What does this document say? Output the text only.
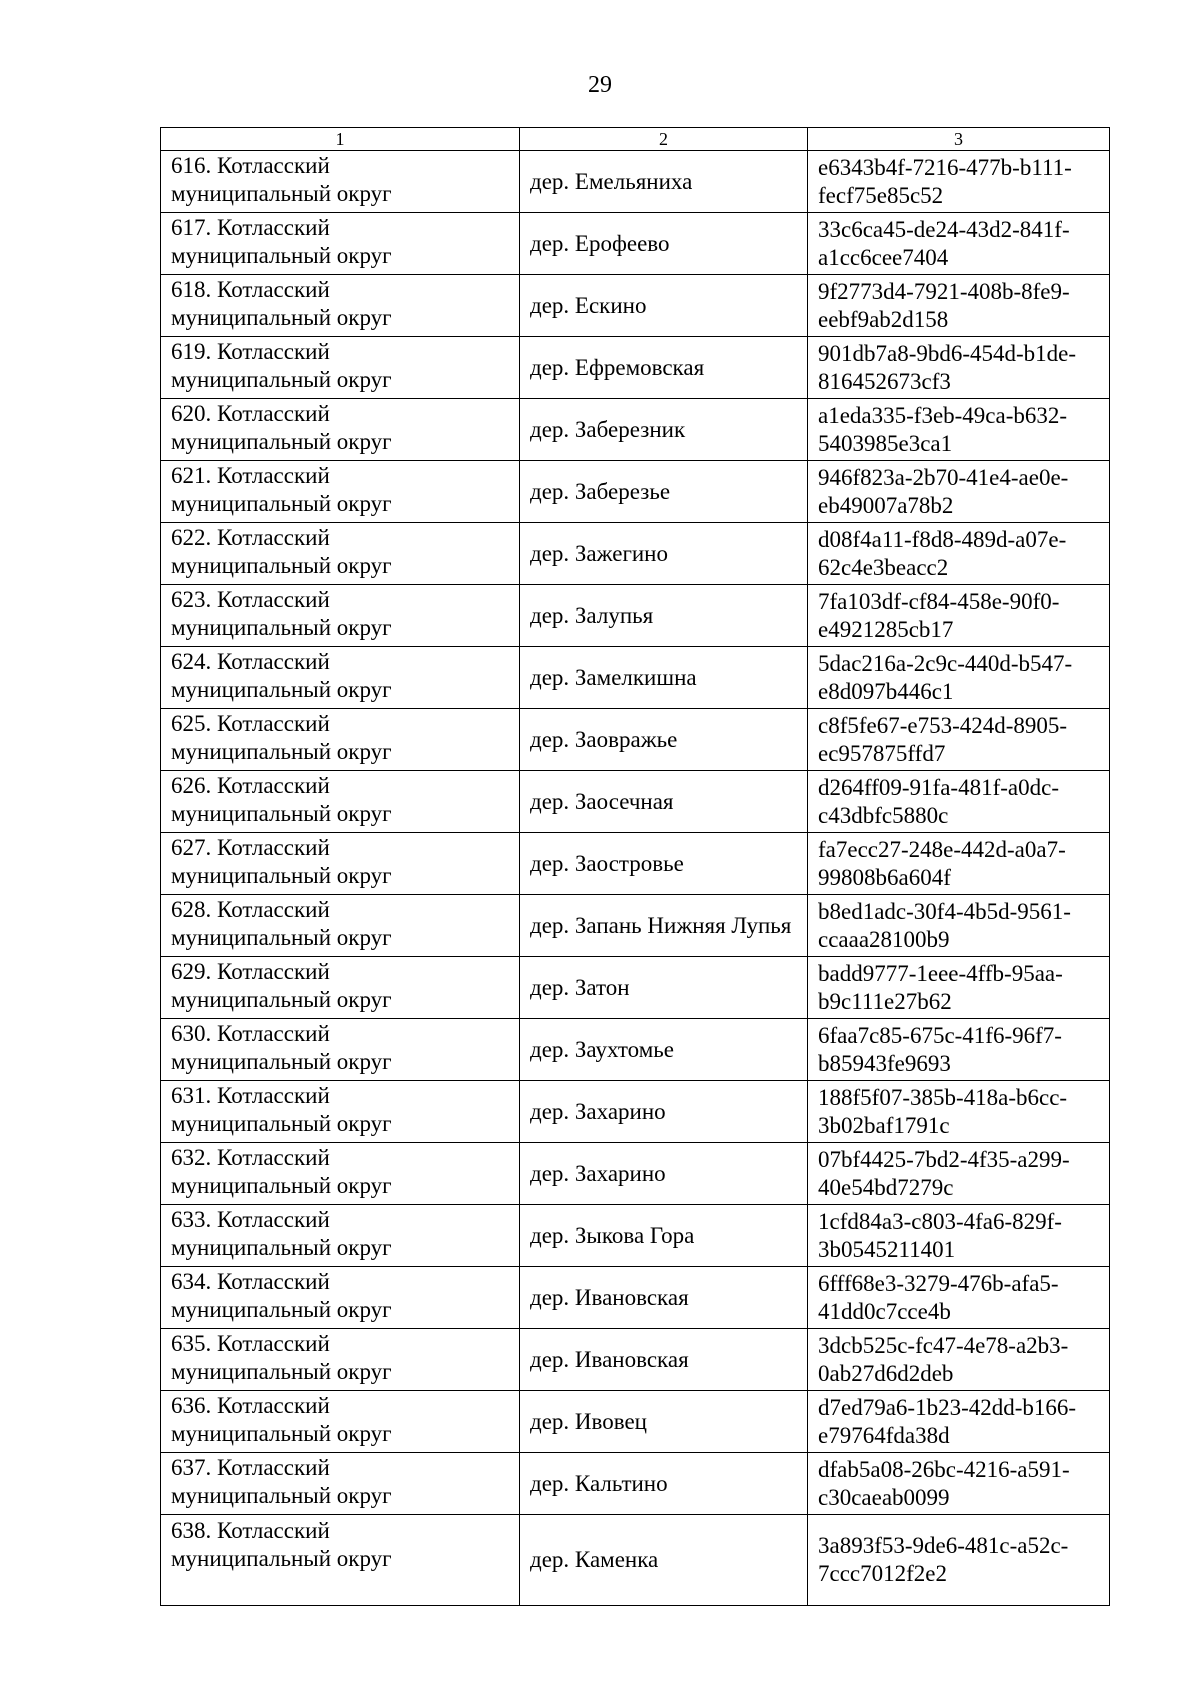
29
1	2	3

616. Котласский
муниципальный округ	дер. Емельяниха	e6343b4f-7216-477b-b111-
fecf75e85c52

617. Котласский
муниципальный округ	дер. Ерофеево	33c6ca45-de24-43d2-841f-
a1cc6cee7404

618. Котласский
муниципальный округ	дер. Ескино	9f2773d4-7921-408b-8fe9-
eebf9ab2d158

619. Котласский
муниципальный округ	дер. Ефремовская	901db7a8-9bd6-454d-b1de-
816452673cf3

620. Котласский
муниципальный округ	дер. Заберезник	a1eda335-f3eb-49ca-b632-
5403985e3ca1

621. Котласский
муниципальный округ	дер. Заберезье	946f823a-2b70-41e4-ae0e-
eb49007a78b2

622. Котласский
муниципальный округ	дер. Зажегино	d08f4a11-f8d8-489d-a07e-
62c4e3beacc2

623. Котласский
муниципальный округ	дер. Залупья	7fa103df-cf84-458e-90f0-
e4921285cb17

624. Котласский
муниципальный округ	дер. Замелкишна	5dac216a-2c9c-440d-b547-
e8d097b446c1

625. Котласский
муниципальный округ	дер. Заовражье	c8f5fe67-e753-424d-8905-
ec957875ffd7

626. Котласский
муниципальный округ	дер. Заосечная	d264ff09-91fa-481f-a0dc-
c43dbfc5880c

627. Котласский
муниципальный округ	дер. Заостровье	fa7ecc27-248e-442d-a0a7-
99808b6a604f

628. Котласский
муниципальный округ	дер. Запань Нижняя Лупья	b8ed1adc-30f4-4b5d-9561-
ccaaa28100b9

629. Котласский
муниципальный округ	дер. Затон	badd9777-1eee-4ffb-95aa-
b9c111e27b62

630. Котласский
муниципальный округ	дер. Заухтомье	6faa7c85-675c-41f6-96f7-
b85943fe9693

631. Котласский
муниципальный округ	дер. Захарино	188f5f07-385b-418a-b6cc-
3b02baf1791c

632. Котласский
муниципальный округ	дер. Захарино	07bf4425-7bd2-4f35-a299-
40e54bd7279c

633. Котласский
муниципальный округ	дер. Зыкова Гора	1cfd84a3-c803-4fa6-829f-
3b0545211401

634. Котласский
муниципальный округ	дер. Ивановская	6fff68e3-3279-476b-afa5-
41dd0c7cce4b

635. Котласский
муниципальный округ	дер. Ивановская	3dcb525c-fc47-4e78-a2b3-
0ab27d6d2deb

636. Котласский
муниципальный округ	дер. Ивовец	d7ed79a6-1b23-42dd-b166-
e79764fda38d

637. Котласский
муниципальный округ	дер. Кальтино	dfab5a08-26bc-4216-a591-
c30caeab0099

638. Котласский
муниципальный округ	дер. Каменка	3a893f53-9de6-481c-a52c-
7ccc7012f2e2
